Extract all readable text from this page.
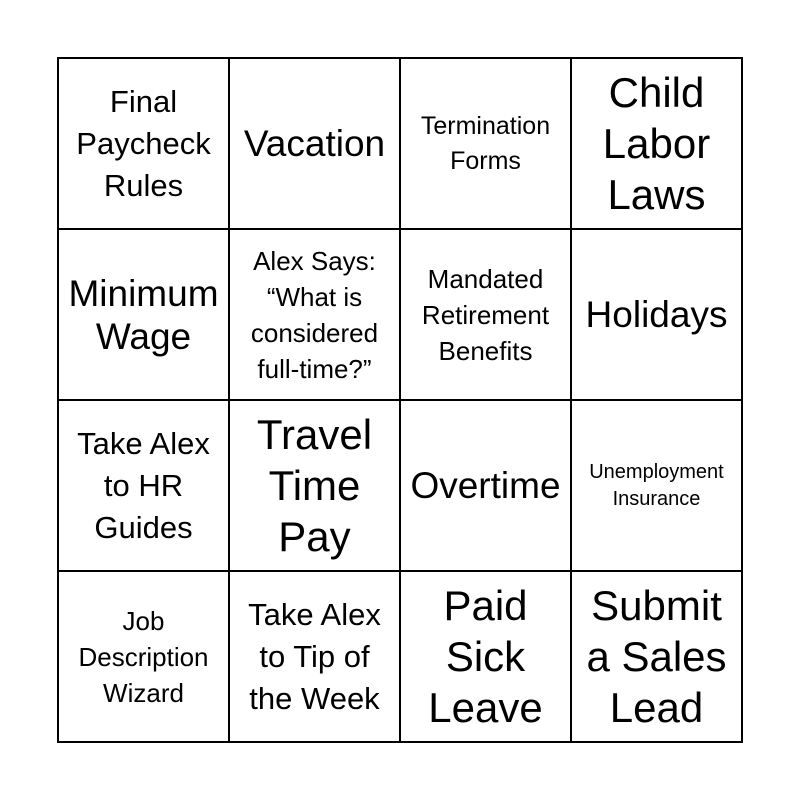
Final
Paycheck
Rules
Vacation Termination
Forms
Child
Labor
Laws
Minimum
Wage
Alex Says:
“What is
considered
full-time?”
Mandated
Retirement
Benefits
Holidays
Take Alex
to HR
Guides
Travel
Time
Pay
Overtime Unemployment
Insurance
Job
Description
Wizard
Take Alex
to Tip of
the Week
Paid
Sick
Leave
Submit
a Sales
Lead
